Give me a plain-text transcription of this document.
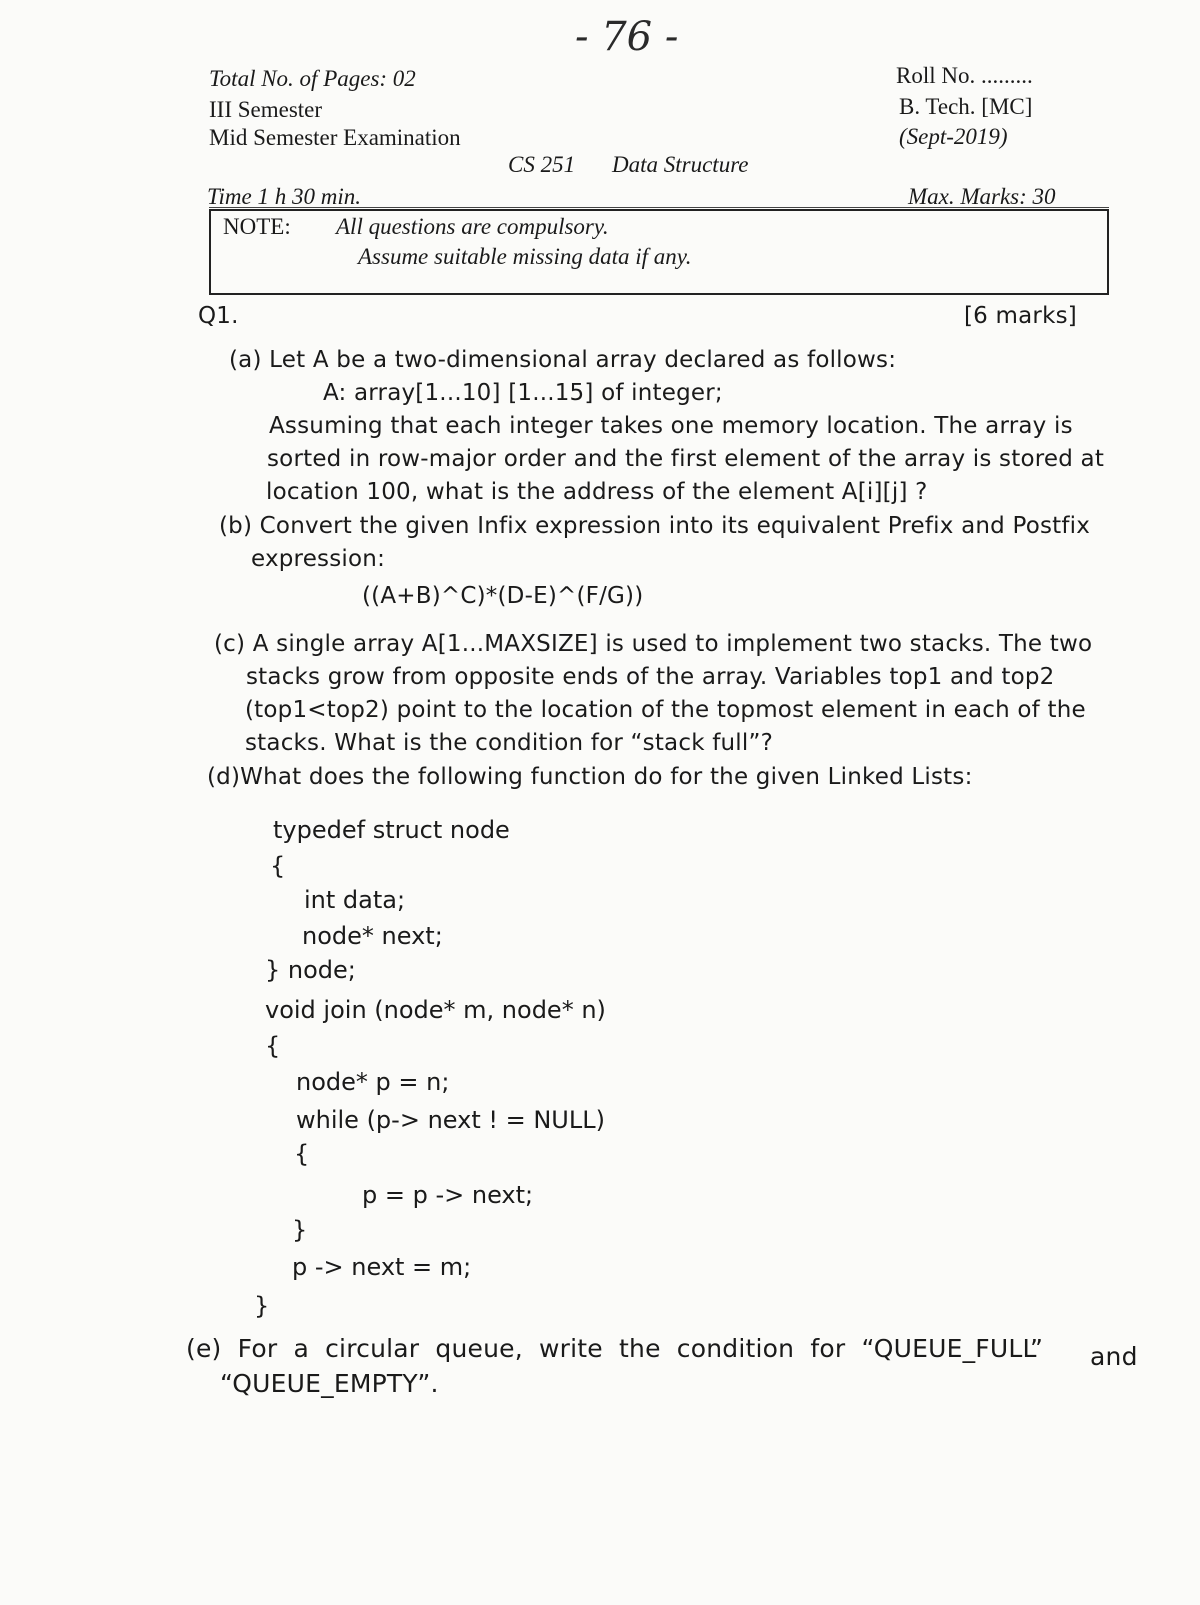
- 76 -
Total No. of Pages: 02
III Semester
Mid Semester Examination
CS 251 Data Structure
Roll No. .........
B. Tech. [MC]
(Sept-2019)
Time 1 h 30 min.	Max. Marks: 30
NOTE: All questions are compulsory.
Assume suitable missing data if any.
Q1.	[6 marks]
(a) Let A be a two-dimensional array declared as follows:
A: array[1...10] [1...15] of integer;
Assuming that each integer takes one memory location. The array is
sorted in row-major order and the first element of the array is stored at
location 100, what is the address of the element A[i][j] ?
(b) Convert the given Infix expression into its equivalent Prefix and Postfix
expression:
((A+B)^C)*(D-E)^(F/G))
(c) A single array A[1...MAXSIZE] is used to implement two stacks. The two
stacks grow from opposite ends of the array. Variables top1 and top2
(top1<top2) point to the location of the topmost element in each of the
stacks. What is the condition for “stack full”?
(d)What does the following function do for the given Linked Lists:
typedef struct node
{
int data;
node* next;
} node;
void join (node* m, node* n)
{
node* p = n;
while (p-> next ! = NULL)
{
p = p -> next;
}
p -> next = m;
}
(e) For a circular queue, write the condition for “QUEUE_FULL” and
“QUEUE_EMPTY”.
